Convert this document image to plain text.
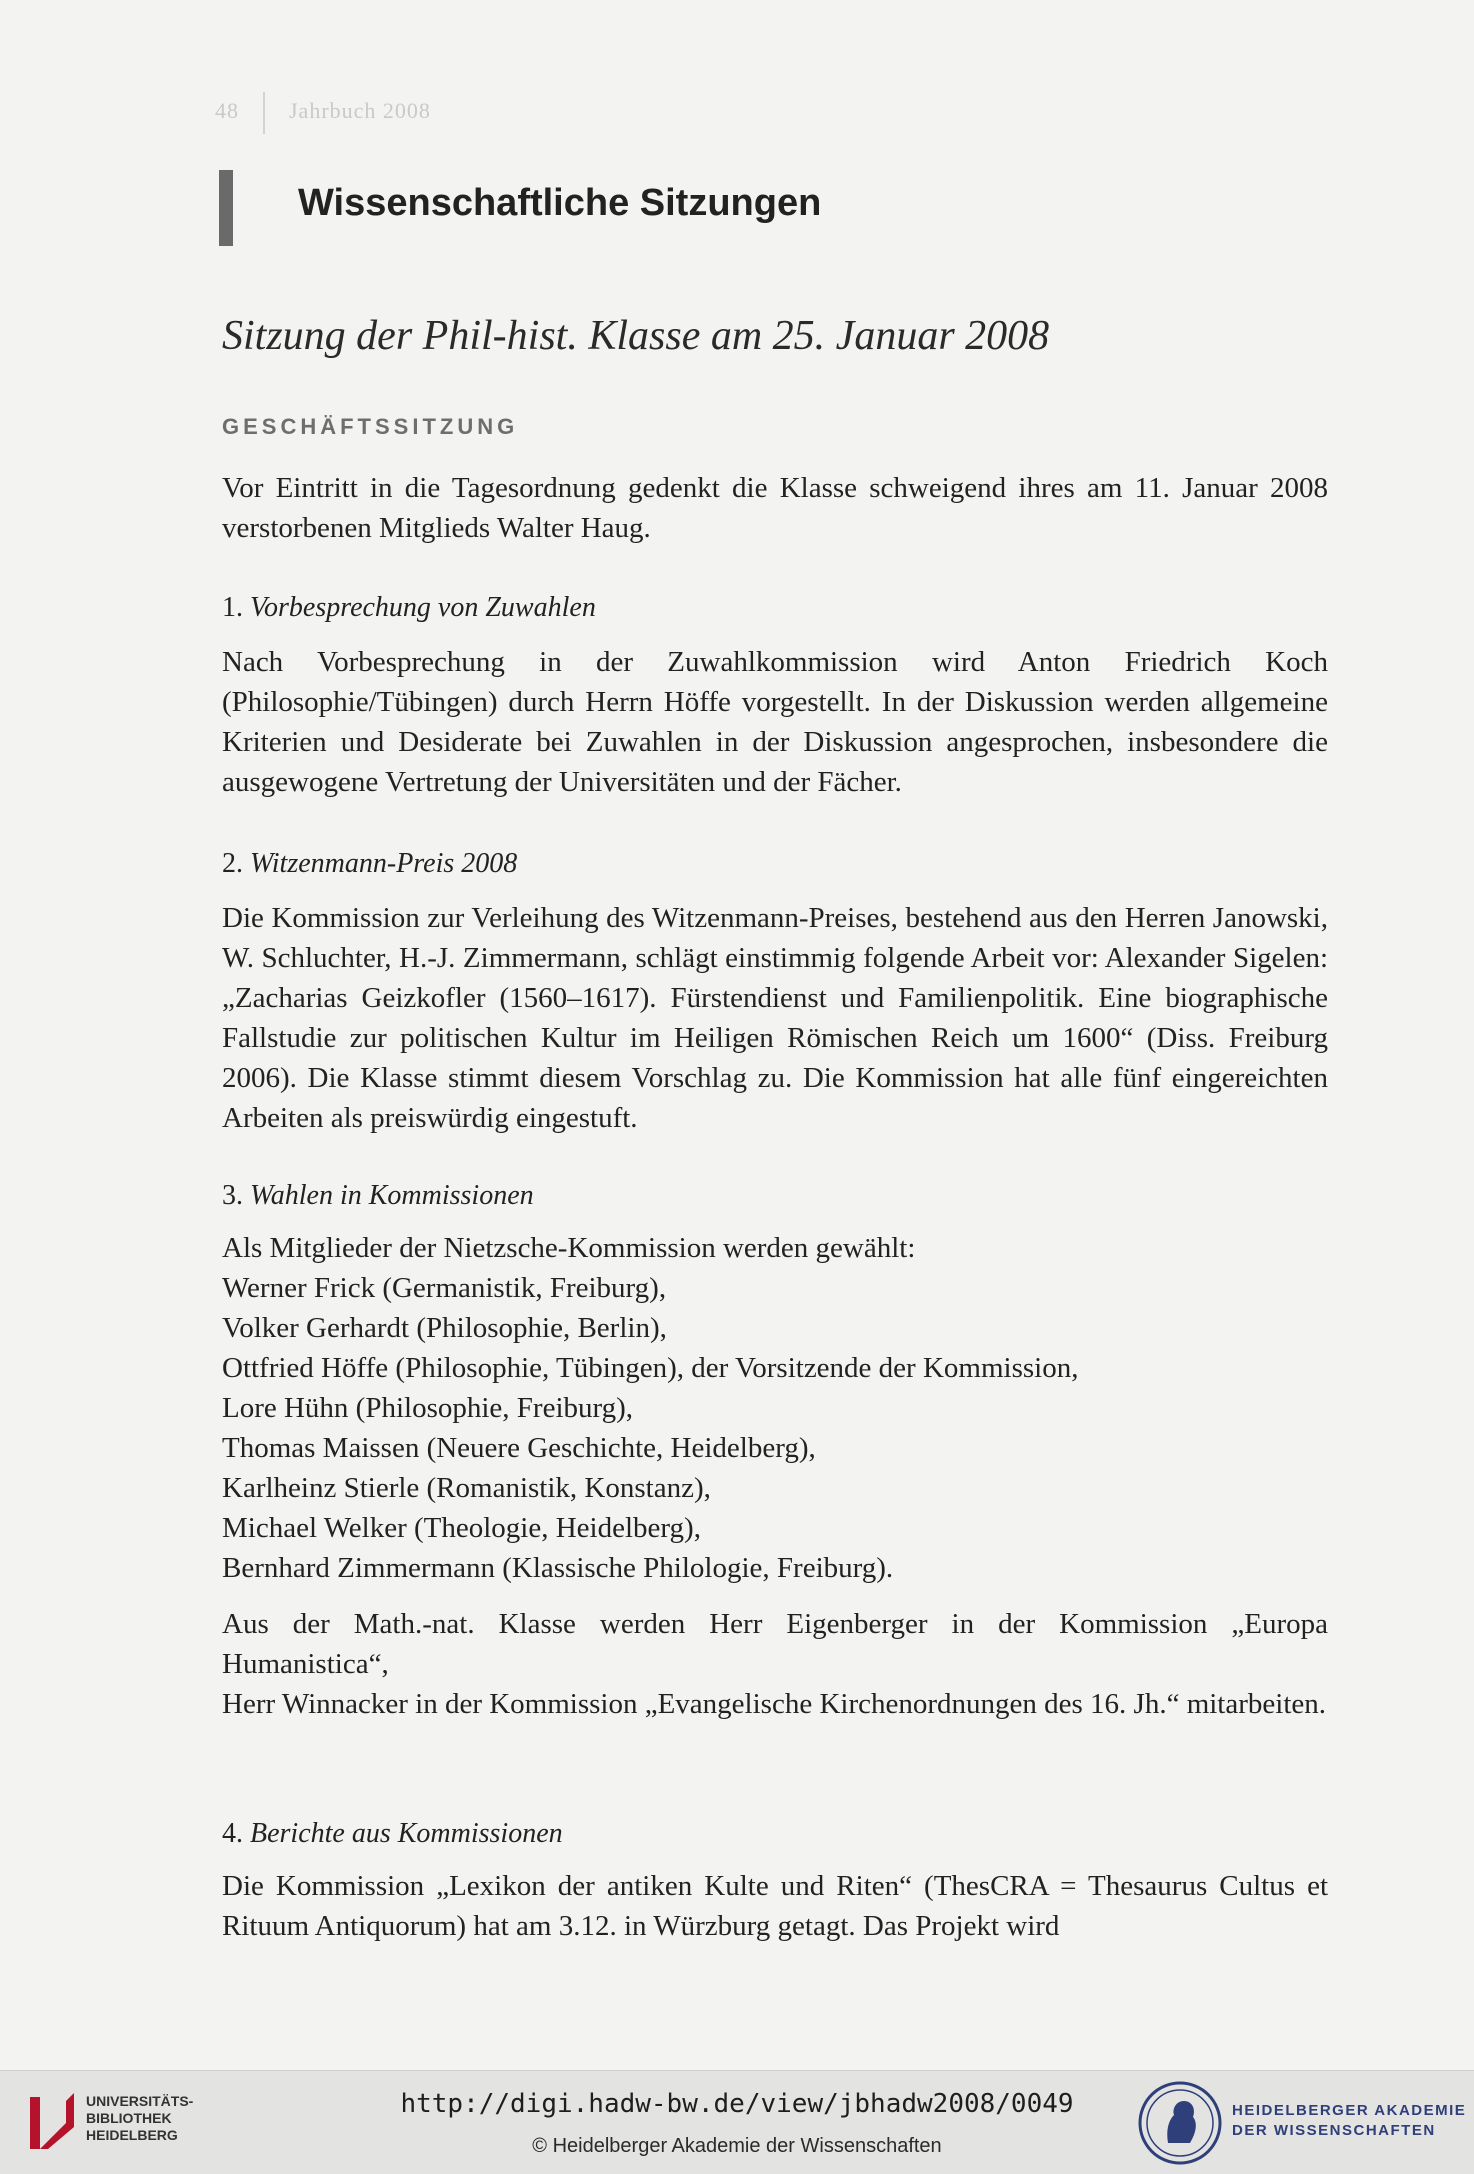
48 Jahrbuch 2008
Wissenschaftliche Sitzungen
Sitzung der Phil-hist. Klasse am 25. Januar 2008
GESCHÄFTSSITZUNG
Vor Eintritt in die Tagesordnung gedenkt die Klasse schweigend ihres am 11. Januar 2008 verstorbenen Mitglieds Walter Haug.
1. Vorbesprechung von Zuwahlen
Nach Vorbesprechung in der Zuwahlkommission wird Anton Friedrich Koch (Philosophie/Tübingen) durch Herrn Höffe vorgestellt. In der Diskussion werden allgemeine Kriterien und Desiderate bei Zuwahlen in der Diskussion angesprochen, insbesondere die ausgewogene Vertretung der Universitäten und der Fächer.
2. Witzenmann-Preis 2008
Die Kommission zur Verleihung des Witzenmann-Preises, bestehend aus den Herren Janowski, W. Schluchter, H.-J. Zimmermann, schlägt einstimmig folgende Arbeit vor: Alexander Sigelen: „Zacharias Geizkofler (1560–1617). Fürstendienst und Familienpolitik. Eine biographische Fallstudie zur politischen Kultur im Heiligen Römischen Reich um 1600“ (Diss. Freiburg 2006). Die Klasse stimmt diesem Vorschlag zu. Die Kommission hat alle fünf eingereichten Arbeiten als preiswürdig eingestuft.
3. Wahlen in Kommissionen
Als Mitglieder der Nietzsche-Kommission werden gewählt:
Werner Frick (Germanistik, Freiburg),
Volker Gerhardt (Philosophie, Berlin),
Ottfried Höffe (Philosophie, Tübingen), der Vorsitzende der Kommission,
Lore Hühn (Philosophie, Freiburg),
Thomas Maissen (Neuere Geschichte, Heidelberg),
Karlheinz Stierle (Romanistik, Konstanz),
Michael Welker (Theologie, Heidelberg),
Bernhard Zimmermann (Klassische Philologie, Freiburg).
Aus der Math.-nat. Klasse werden Herr Eigenberger in der Kommission „Europa Humanistica“,
Herr Winnacker in der Kommission „Evangelische Kirchenordnungen des 16. Jh.“ mitarbeiten.
4. Berichte aus Kommissionen
Die Kommission „Lexikon der antiken Kulte und Riten“ (ThesCRA = Thesaurus Cultus et Rituum Antiquorum) hat am 3.12. in Würzburg getagt. Das Projekt wird
UNIVERSITÄTS-
BIBLIOTHEK
HEIDELBERG
http://digi.hadw-bw.de/view/jbhadw2008/0049
© Heidelberger Akademie der Wissenschaften
HEIDELBERGER AKADEMIE
DER WISSENSCHAFTEN
